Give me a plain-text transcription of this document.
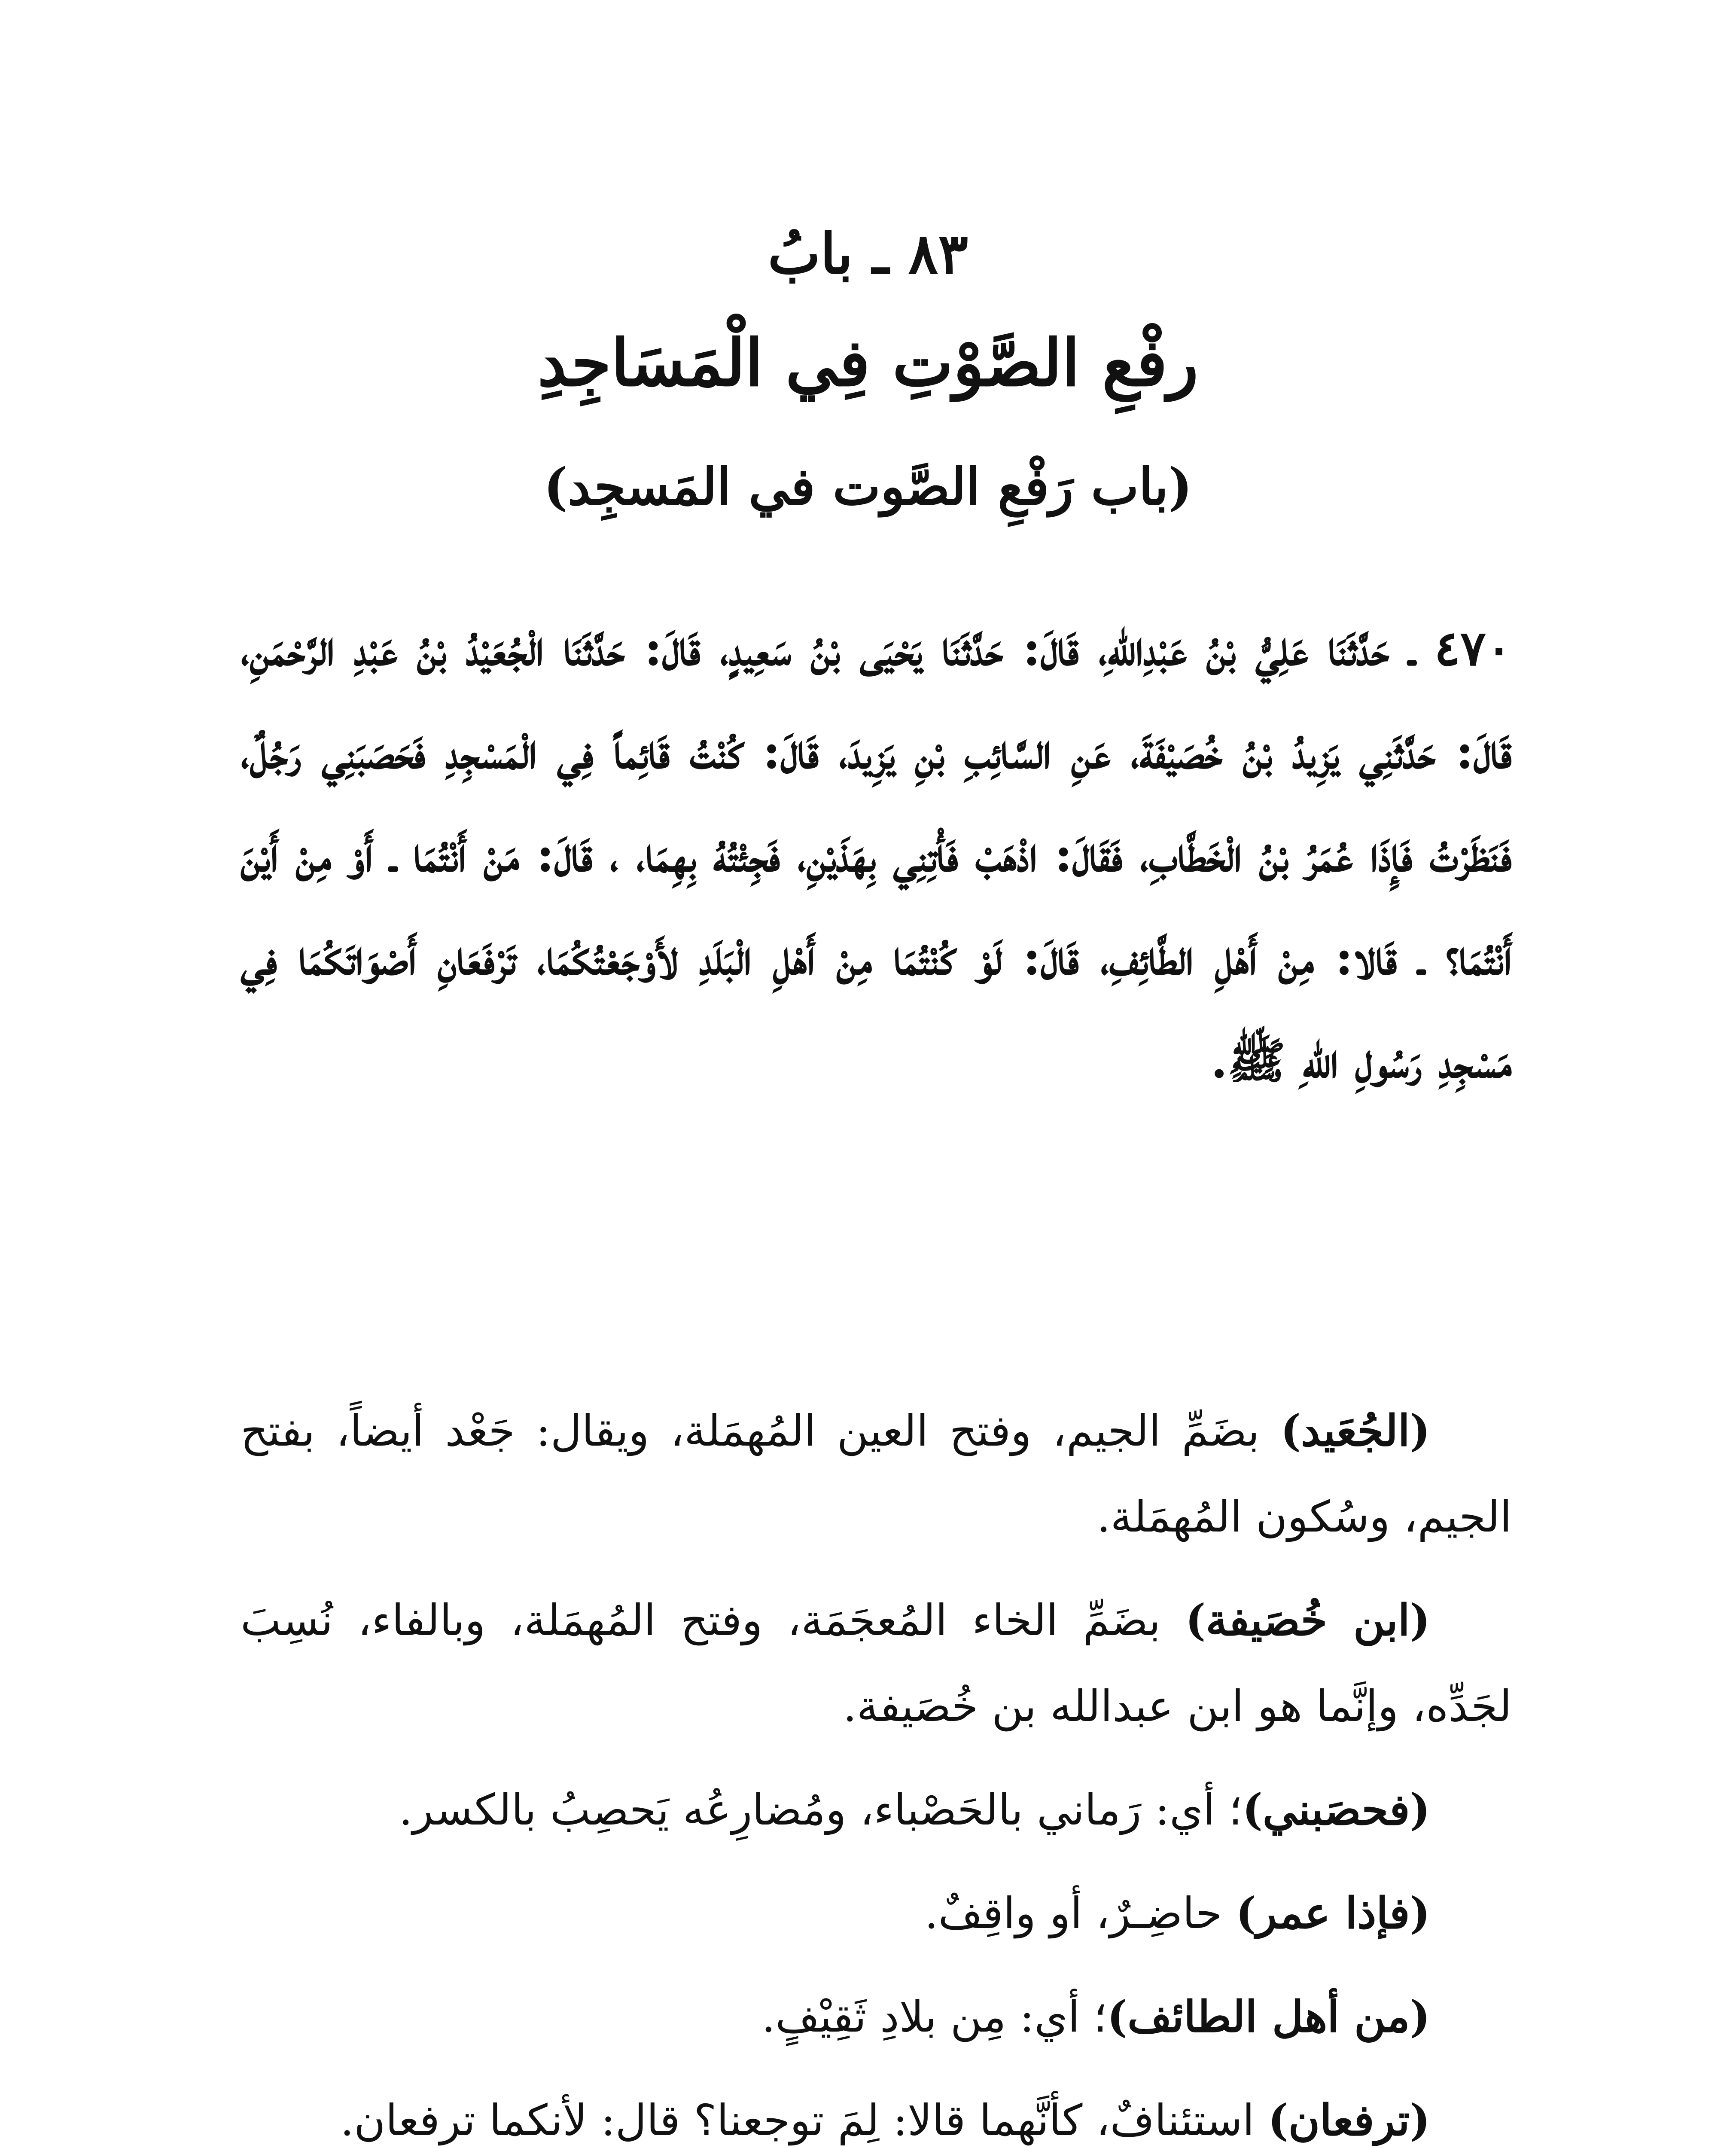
٨٣ ـ بابُ
رفْعِ الصَّوْتِ فِي الْمَسَاجِدِ
(باب رَفْعِ الصَّوت في المَسجِد)

٤٧٠ ـ حَدَّثَنَا عَلِيُّ بْنُ عَبْدِاللهِ، قَالَ: حَدَّثَنَا يَحْيَى بْنُ سَعِيدٍ، قَالَ: حَدَّثَنَا الْجُعَيْدُ بْنُ عَبْدِ الرَّحْمَنِ، قَالَ: حَدَّثَنِي يَزِيدُ بْنُ خُصَيْفَةَ، عَنِ السَّائِبِ بْنِ يَزِيدَ، قَالَ: كُنْتُ قَائِماً فِي الْمَسْجِدِ فَحَصَبَنِي رَجُلٌ، فَنَظَرْتُ فَإِذَا عُمَرُ بْنُ الْخَطَّابِ، فَقَالَ: اذْهَبْ فَأْتِنِي بِهَذَيْنِ، فَجِئْتُهُ بِهِمَا، ، قَالَ: مَنْ أَنْتُمَا ـ أَوْ مِنْ أَيْنَ أَنْتُمَا؟ ـ قَالا: مِنْ أَهْلِ الطَّائِفِ، قَالَ: لَوْ كُنْتُمَا مِنْ أَهْلِ الْبَلَدِ لأَوْجَعْتُكُمَا، تَرْفَعَانِ أَصْوَاتَكُمَا فِي مَسْجِدِ رَسُولِ اللهِ ﷺ.

(الجُعَيد) بضَمِّ الجيم، وفتح العين المُهمَلة، ويقال: جَعْد أيضاً، بفتح الجيم، وسُكون المُهمَلة.

(ابن خُصَيفة) بضَمِّ الخاء المُعجَمَة، وفتح المُهمَلة، وبالفاء، نُسِبَ لجَدِّه، وإنَّما هو ابن عبدالله بن خُصَيفة.

(فحصَبني)؛ أي: رَماني بالحَصْباء، ومُضارِعُه يَحصِبُ بالكسر.

(فإذا عمر) حاضِـرٌ، أو واقِفٌ.

(من أهل الطائف)؛ أي: مِن بلادِ ثَقِيْفٍ.

(ترفعان) استئنافٌ، كأنَّهما قالا: لِمَ توجعنا؟ قال: لأنكما ترفعان.
